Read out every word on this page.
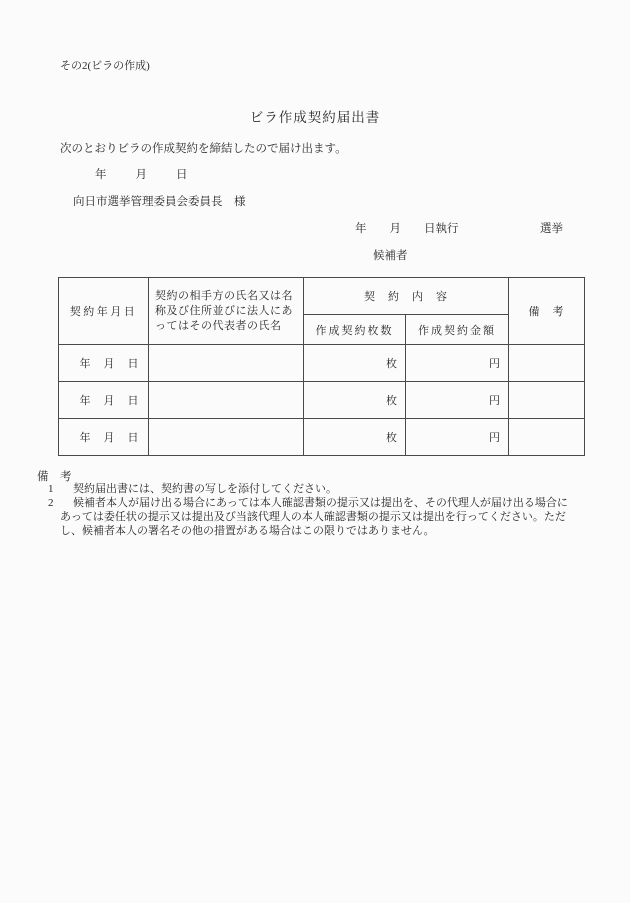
その2(ビラの作成)
ビラ作成契約届出書
次のとおりビラの作成契約を締結したので届け出ます。
年　　月　　日
向日市選挙管理委員会委員長　様
年　　月　　日執行	選挙
候補者
契約年月日	契約の相手方の氏名又は名称及び住所並びに法人にあってはその代表者の氏名	契　約　内　容		備　考
		作成契約枚数	作成契約金額	
年　月　日		枚	円	
年　月　日		枚	円	
年　月　日		枚	円	
備　考
1 契約届出書には、契約書の写しを添付してください。
2 候補者本人が届け出る場合にあっては本人確認書類の提示又は提出を、その代理人が届け出る場合にあっては委任状の提示又は提出及び当該代理人の本人確認書類の提示又は提出を行ってください。ただし、候補者本人の署名その他の措置がある場合はこの限りではありません。
